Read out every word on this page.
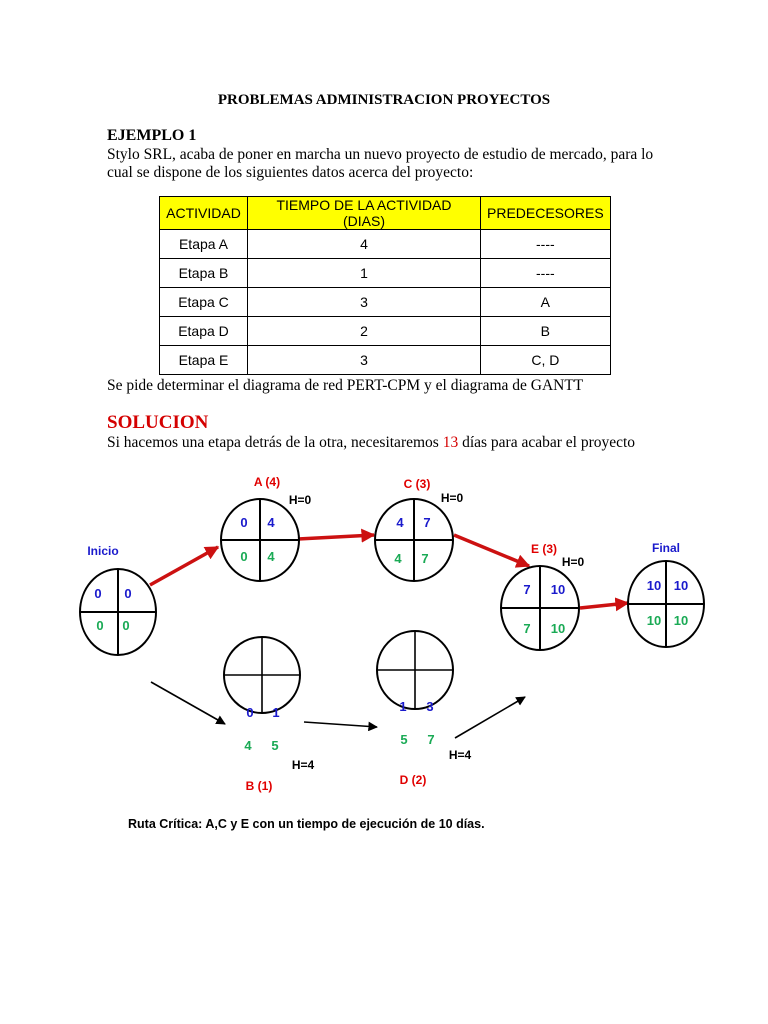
PROBLEMAS ADMINISTRACION PROYECTOS
EJEMPLO 1
Stylo SRL, acaba de poner en marcha un nuevo proyecto de estudio de mercado, para lo
cual se dispone de los siguientes datos acerca del proyecto:
ACTIVIDAD	TIEMPO DE LA ACTIVIDAD (DIAS)	PREDECESORES
Etapa A	4	----
Etapa B	1	----
Etapa C	3	A
Etapa D	2	B
Etapa E	3	C, D
Se pide determinar el diagrama de red PERT-CPM y el diagrama de GANTT
SOLUCION
Si hacemos una etapa detrás de la otra, necesitaremos 13 días para acabar el proyecto
Inicio
0 0
0 0
A (4)
H=0
0 4
0 4
C (3)
H=0
4 7
4 7
E (3)
H=0
7 10
7 10
Final
10 10
10 10
0 1
4 5
H=4
B (1)
1 3
5 7
H=4
D (2)
Ruta Crítica: A,C y E con un tiempo de ejecución de 10 días.
